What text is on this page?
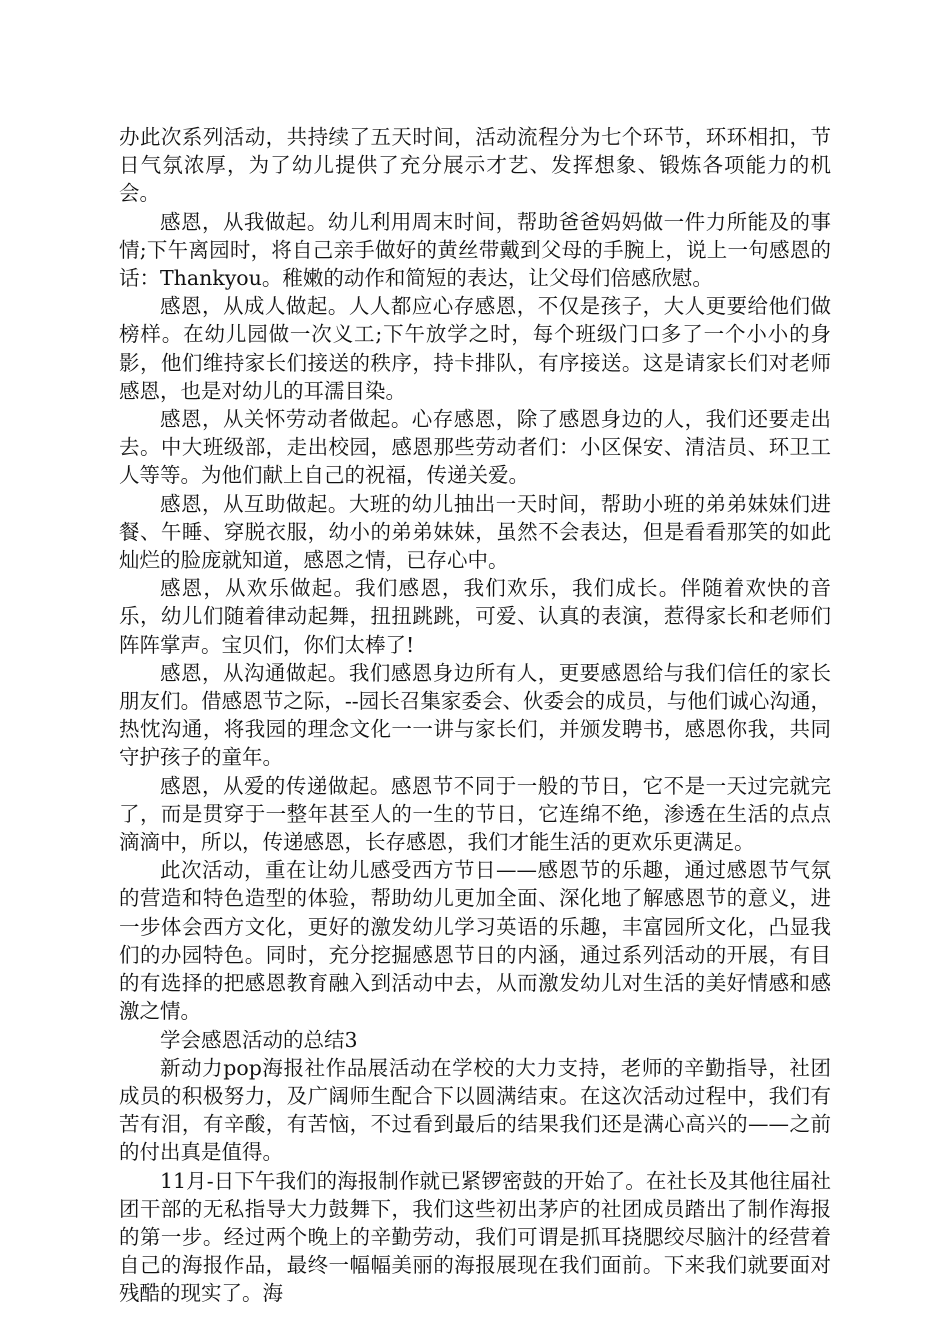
办此次系列活动，共持续了五天时间，活动流程分为七个环节，环环相扣，节日气氛浓厚，为了幼儿提供了充分展示才艺、发挥想象、锻炼各项能力的机会。

感恩，从我做起。幼儿利用周末时间，帮助爸爸妈妈做一件力所能及的事情;下午离园时，将自己亲手做好的黄丝带戴到父母的手腕上，说上一句感恩的话：Thankyou。稚嫩的动作和简短的表达，让父母们倍感欣慰。

感恩，从成人做起。人人都应心存感恩，不仅是孩子，大人更要给他们做榜样。在幼儿园做一次义工;下午放学之时，每个班级门口多了一个小小的身影，他们维持家长们接送的秩序，持卡排队，有序接送。这是请家长们对老师感恩，也是对幼儿的耳濡目染。

感恩，从关怀劳动者做起。心存感恩，除了感恩身边的人，我们还要走出去。中大班级部，走出校园，感恩那些劳动者们：小区保安、清洁员、环卫工人等等。为他们献上自己的祝福，传递关爱。

感恩，从互助做起。大班的幼儿抽出一天时间，帮助小班的弟弟妹妹们进餐、午睡、穿脱衣服，幼小的弟弟妹妹，虽然不会表达，但是看看那笑的如此灿烂的脸庞就知道，感恩之情，已存心中。

感恩，从欢乐做起。我们感恩，我们欢乐，我们成长。伴随着欢快的音乐，幼儿们随着律动起舞，扭扭跳跳，可爱、认真的表演，惹得家长和老师们阵阵掌声。宝贝们，你们太棒了!

感恩，从沟通做起。我们感恩身边所有人，更要感恩给与我们信任的家长朋友们。借感恩节之际，--园长召集家委会、伙委会的成员，与他们诚心沟通，热忱沟通，将我园的理念文化一一讲与家长们，并颁发聘书，感恩你我，共同守护孩子的童年。

感恩，从爱的传递做起。感恩节不同于一般的节日，它不是一天过完就完了，而是贯穿于一整年甚至人的一生的节日，它连绵不绝，渗透在生活的点点滴滴中，所以，传递感恩，长存感恩，我们才能生活的更欢乐更满足。

此次活动，重在让幼儿感受西方节日——感恩节的乐趣，通过感恩节气氛的营造和特色造型的体验，帮助幼儿更加全面、深化地了解感恩节的意义，进一步体会西方文化，更好的激发幼儿学习英语的乐趣，丰富园所文化，凸显我们的办园特色。同时，充分挖掘感恩节日的内涵，通过系列活动的开展，有目的有选择的把感恩教育融入到活动中去，从而激发幼儿对生活的美好情感和感激之情。

学会感恩活动的总结3

新动力pop海报社作品展活动在学校的大力支持，老师的辛勤指导，社团成员的积极努力，及广阔师生配合下以圆满结束。在这次活动过程中，我们有苦有泪，有辛酸，有苦恼，不过看到最后的结果我们还是满心高兴的——之前的付出真是值得。

11月-日下午我们的海报制作就已紧锣密鼓的开始了。在社长及其他往届社团干部的无私指导大力鼓舞下，我们这些初出茅庐的社团成员踏出了制作海报的第一步。经过两个晚上的辛勤劳动，我们可谓是抓耳挠腮绞尽脑汁的经营着自己的海报作品，最终一幅幅美丽的海报展现在我们面前。下来我们就要面对残酷的现实了。海
